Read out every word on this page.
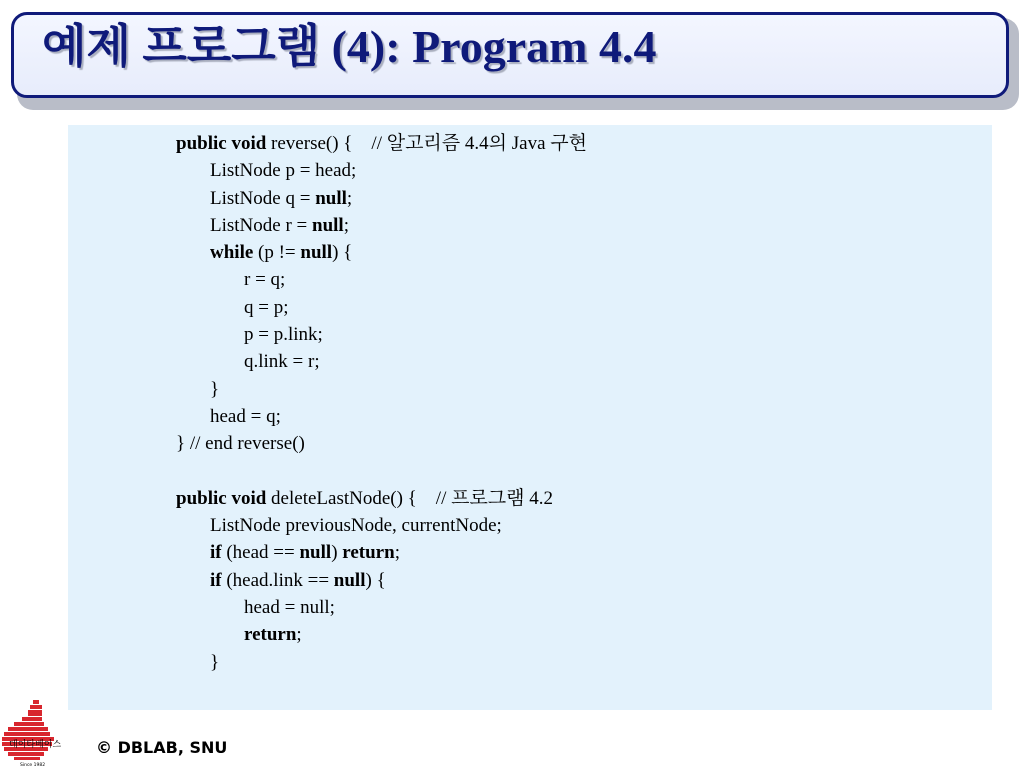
예제 프로그램 (4): Program 4.4
public void reverse() {    // 알고리즘 4.4의 Java 구현
ListNode p = head;
ListNode q = null;
ListNode r = null;
while (p != null) {
r = q;
q = p;
p = p.link;
q.link = r;
}
head = q;
} // end reverse()
public void deleteLastNode() {    // 프로그램 4.2
ListNode previousNode, currentNode;
if (head == null) return;
if (head.link == null) {
head = null;
return;
}
데이타베이스
Since 1982
© DBLAB, SNU
